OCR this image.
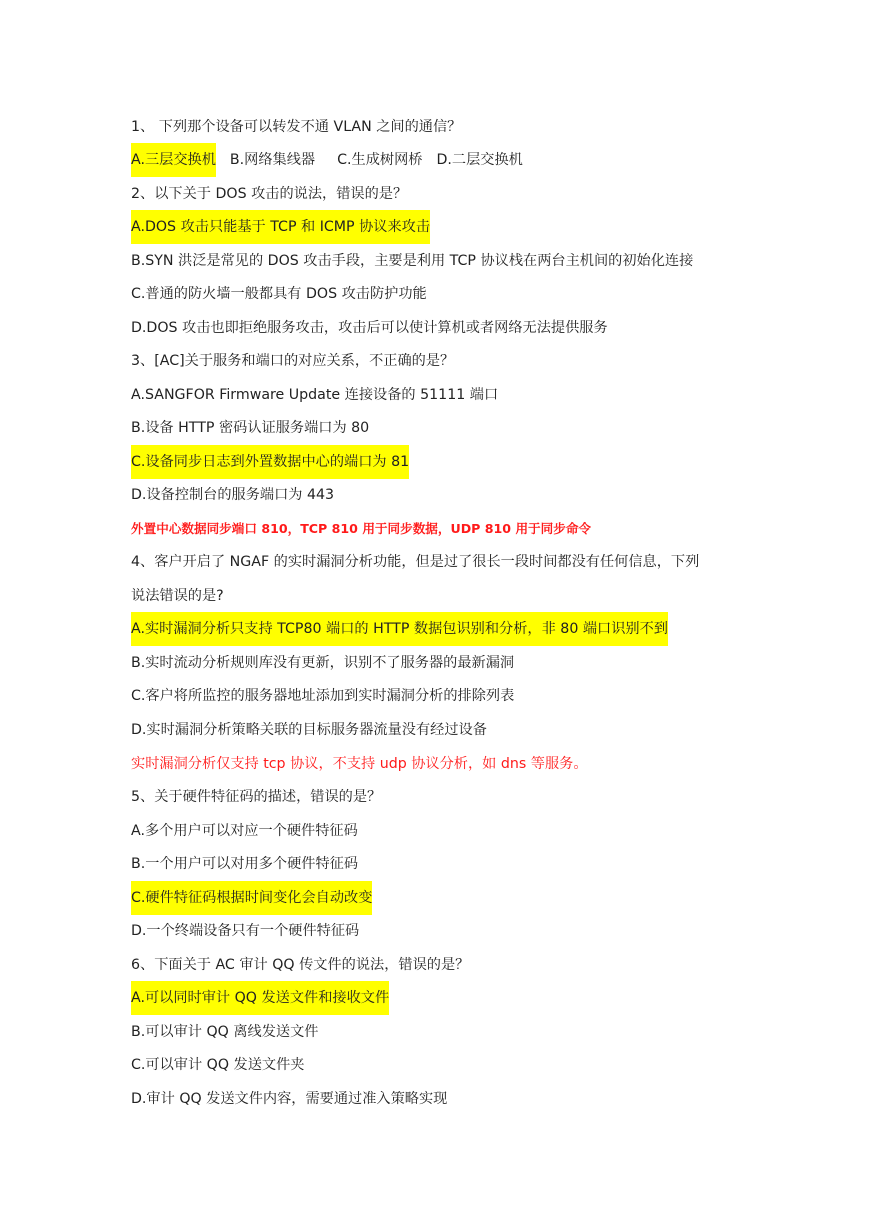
1、 下列那个设备可以转发不通 VLAN 之间的通信？
A.三层交换机 B.网络集线器 C.生成树网桥 D.二层交换机
2、以下关于 DOS 攻击的说法，错误的是？
A.DOS 攻击只能基于 TCP 和 ICMP 协议来攻击
B.SYN 洪泛是常见的 DOS 攻击手段，主要是利用 TCP 协议栈在两台主机间的初始化连接
C.普通的防火墙一般都具有 DOS 攻击防护功能
D.DOS 攻击也即拒绝服务攻击，攻击后可以使计算机或者网络无法提供服务
3、[AC]关于服务和端口的对应关系，不正确的是？
A.SANGFOR Firmware Update 连接设备的 51111 端口
B.设备 HTTP 密码认证服务端口为 80
C.设备同步日志到外置数据中心的端口为 81
D.设备控制台的服务端口为 443
外置中心数据同步端口 810，TCP 810 用于同步数据，UDP 810 用于同步命令
4、客户开启了 NGAF 的实时漏洞分析功能，但是过了很长一段时间都没有任何信息，下列
说法错误的是?
A.实时漏洞分析只支持 TCP80 端口的 HTTP 数据包识别和分析，非 80 端口识别不到
B.实时流动分析规则库没有更新，识别不了服务器的最新漏洞
C.客户将所监控的服务器地址添加到实时漏洞分析的排除列表
D.实时漏洞分析策略关联的目标服务器流量没有经过设备
实时漏洞分析仅支持 tcp 协议，不支持 udp 协议分析，如 dns 等服务。
5、关于硬件特征码的描述，错误的是？
A.多个用户可以对应一个硬件特征码
B.一个用户可以对用多个硬件特征码
C.硬件特征码根据时间变化会自动改变
D.一个终端设备只有一个硬件特征码
6、下面关于 AC 审计 QQ 传文件的说法，错误的是？
A.可以同时审计 QQ 发送文件和接收文件
B.可以审计 QQ 离线发送文件
C.可以审计 QQ 发送文件夹
D.审计 QQ 发送文件内容，需要通过准入策略实现
